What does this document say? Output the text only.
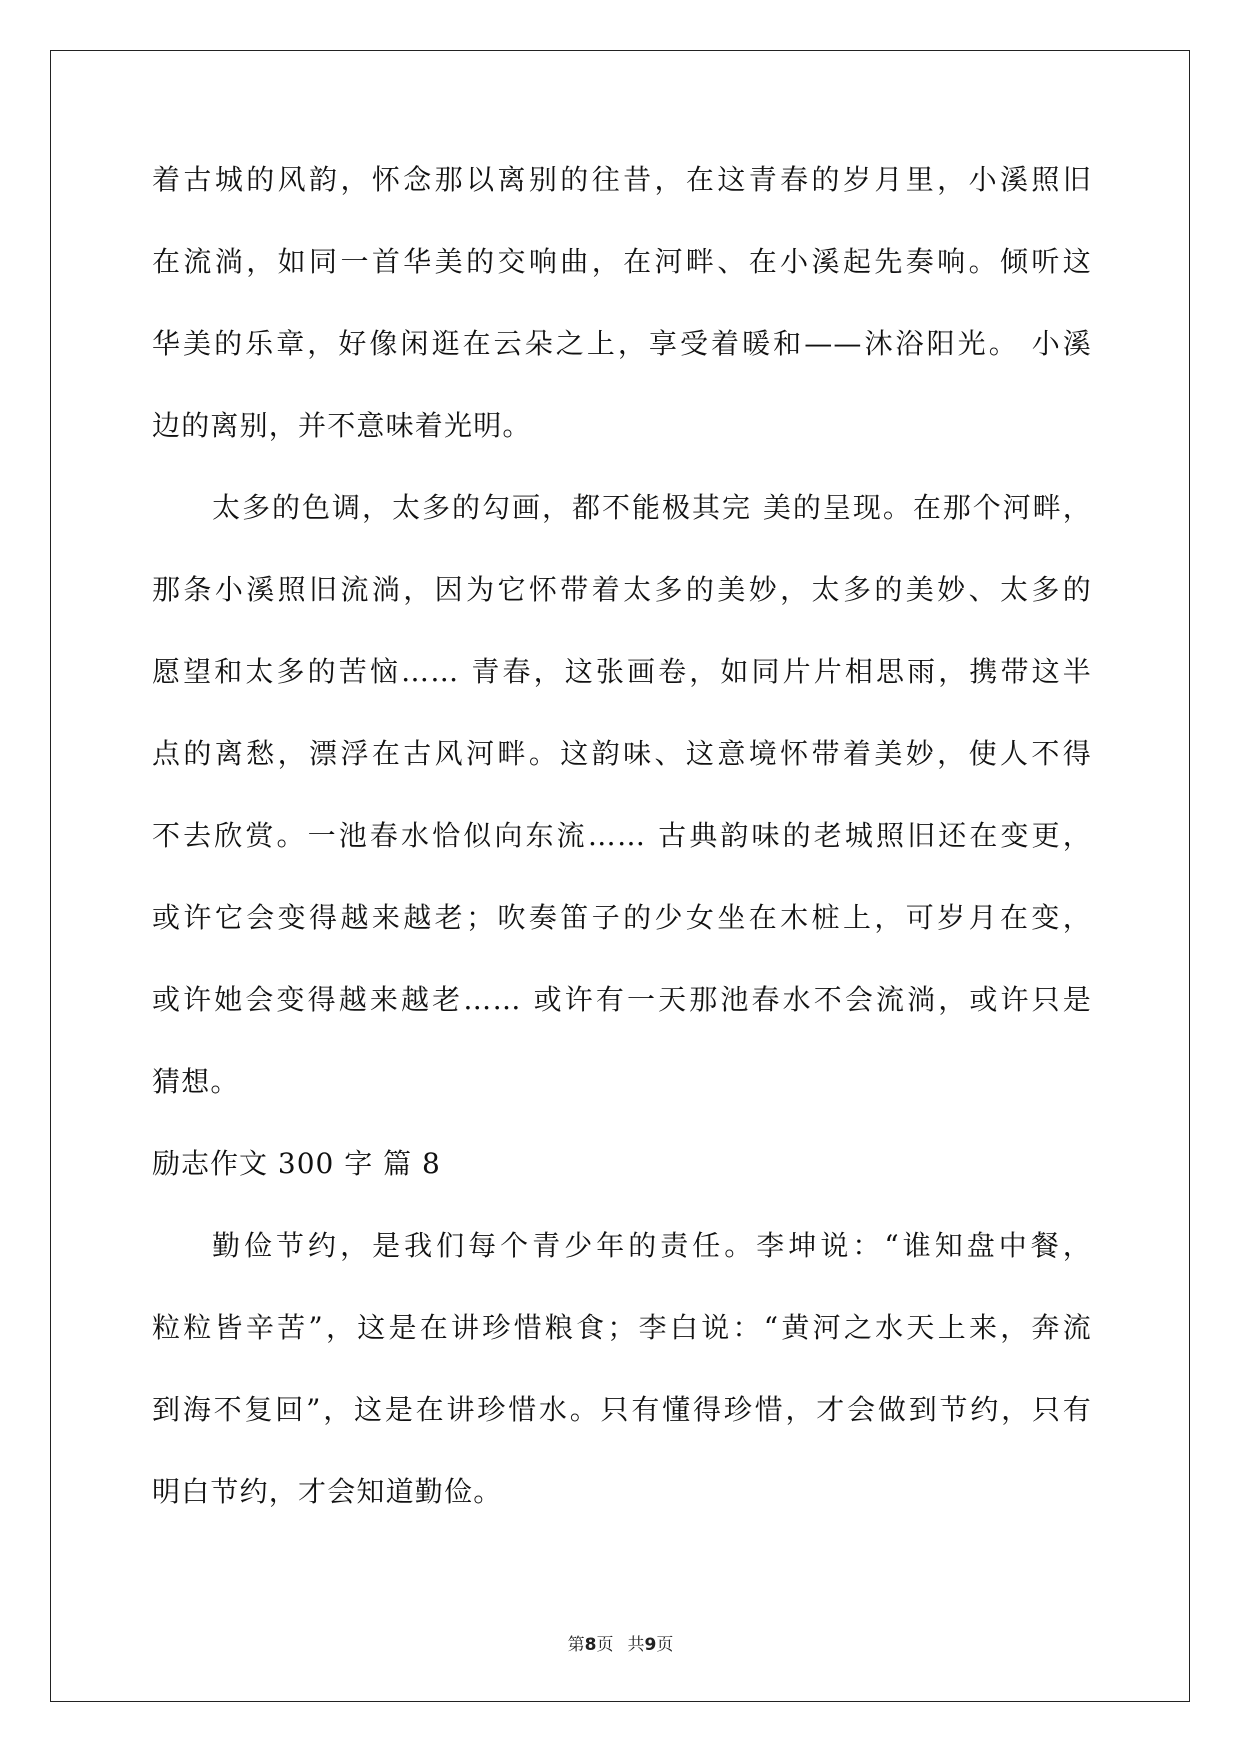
着古城的风韵，怀念那以离别的往昔，在这青春的岁月里，小溪照旧
在流淌，如同一首华美的交响曲，在河畔、在小溪起先奏响。倾听这
华美的乐章，好像闲逛在云朵之上，享受着暖和——沐浴阳光。 小溪
边的离别，并不意味着光明。
太多的色调，太多的勾画，都不能极其完 美的呈现。在那个河畔，
那条小溪照旧流淌，因为它怀带着太多的美妙，太多的美妙、太多的
愿望和太多的苦恼…… 青春，这张画卷，如同片片相思雨，携带这半
点的离愁，漂浮在古风河畔。这韵味、这意境怀带着美妙，使人不得
不去欣赏。一池春水恰似向东流…… 古典韵味的老城照旧还在变更，
或许它会变得越来越老；吹奏笛子的少女坐在木桩上，可岁月在变，
或许她会变得越来越老…… 或许有一天那池春水不会流淌，或许只是
猜想。
励志作文 300 字 篇 8
勤俭节约，是我们每个青少年的责任。李坤说：“谁知盘中餐，
粒粒皆辛苦”，这是在讲珍惜粮食；李白说：“黄河之水天上来，奔流
到海不复回”，这是在讲珍惜水。只有懂得珍惜，才会做到节约，只有
明白节约，才会知道勤俭。
第8页 共9页
